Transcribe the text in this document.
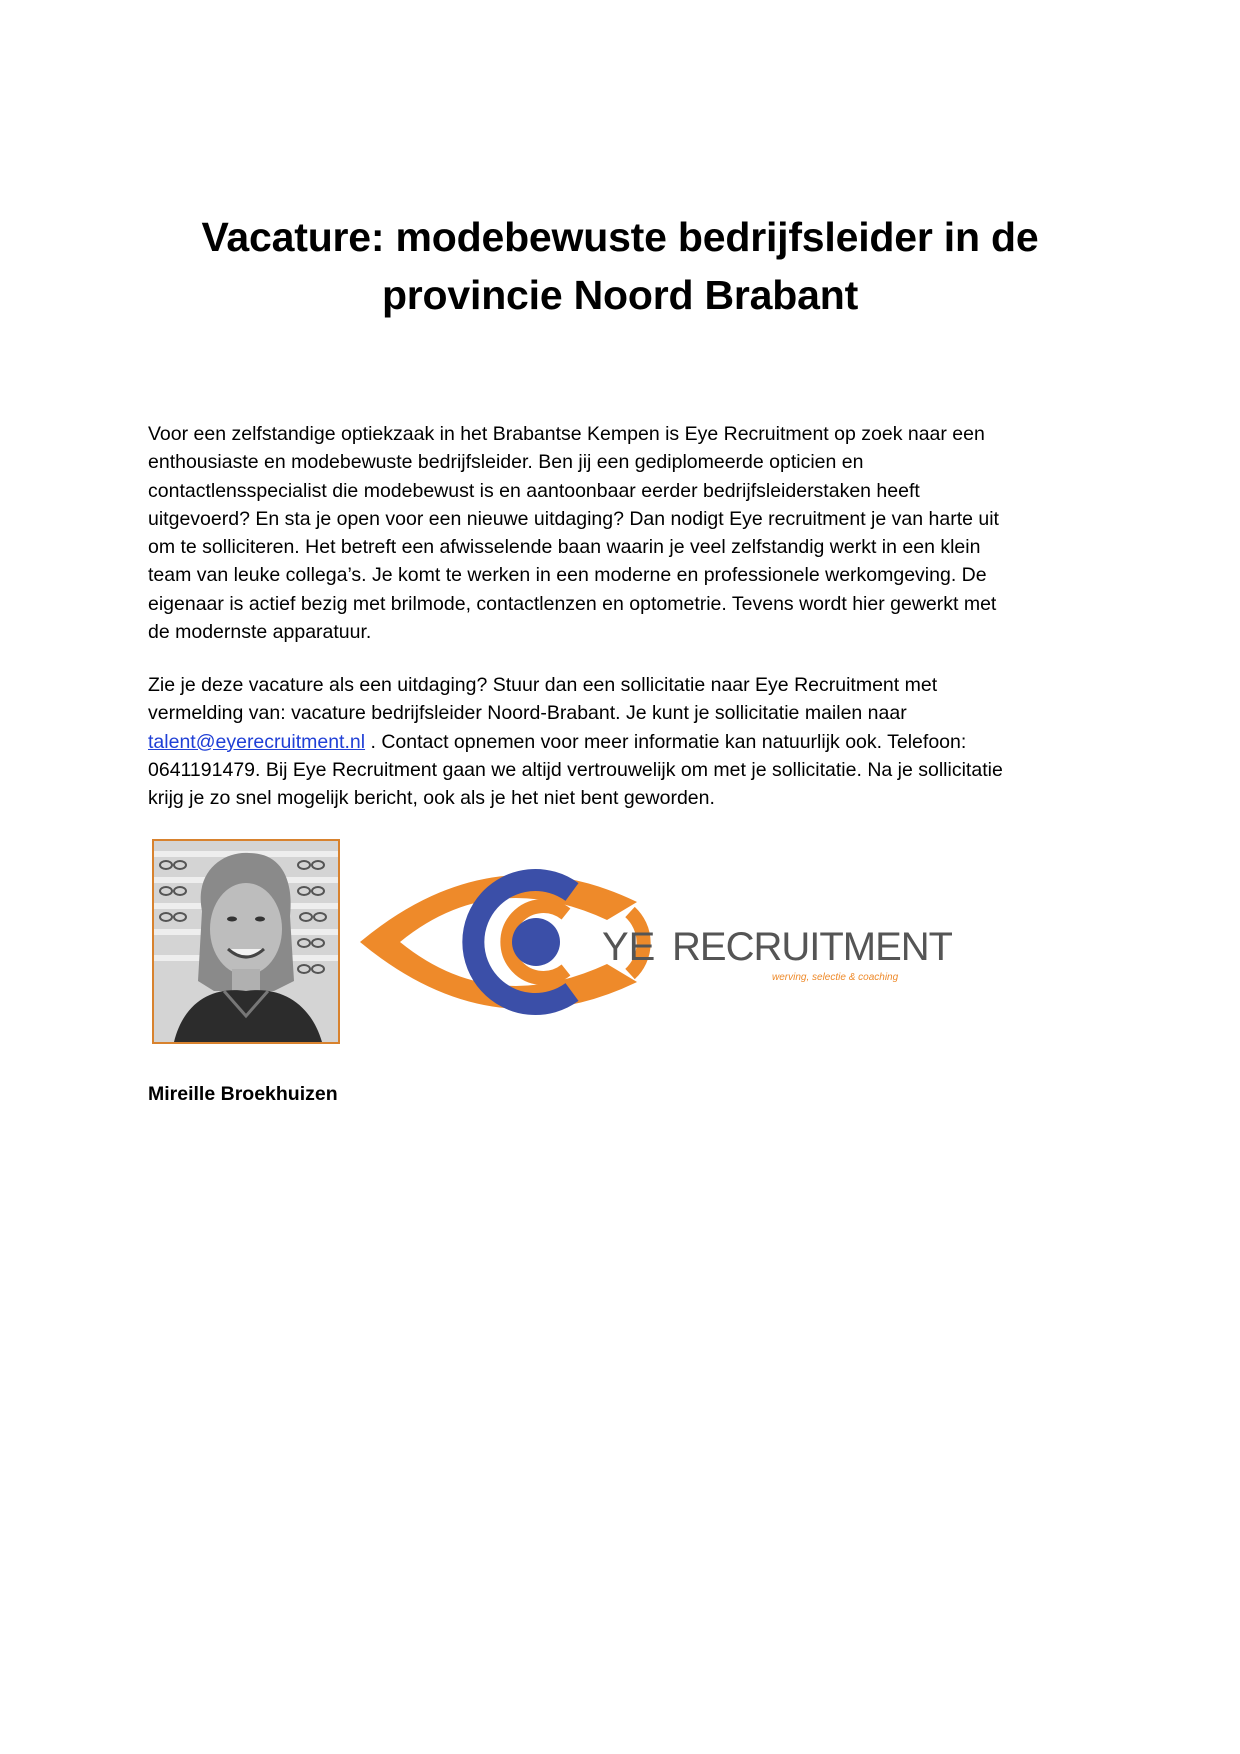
Vacature: modebewuste bedrijfsleider in de
provincie Noord Brabant

Voor een zelfstandige optiekzaak in het Brabantse Kempen is Eye Recruitment op zoek naar een
enthousiaste en modebewuste bedrijfsleider. Ben jij een gediplomeerde opticien en
contactlensspecialist die modebewust is en aantoonbaar eerder bedrijfsleiderstaken heeft
uitgevoerd? En sta je open voor een nieuwe uitdaging? Dan nodigt Eye recruitment je van harte uit
om te solliciteren. Het betreft een afwisselende baan waarin je veel zelfstandig werkt in een klein
team van leuke collega’s. Je komt te werken in een moderne en professionele werkomgeving. De
eigenaar is actief bezig met brilmode, contactlenzen en optometrie. Tevens wordt hier gewerkt met
de modernste apparatuur.

Zie je deze vacature als een uitdaging? Stuur dan een sollicitatie naar Eye Recruitment met
vermelding van: vacature bedrijfsleider Noord-Brabant. Je kunt je sollicitatie mailen naar
talent@eyerecruitment.nl . Contact opnemen voor meer informatie kan natuurlijk ook. Telefoon:
0641191479. Bij Eye Recruitment gaan we altijd vertrouwelijk om met je sollicitatie. Na je sollicitatie
krijg je zo snel mogelijk bericht, ook als je het niet bent geworden.

YE RECRUITMENT
werving, selectie & coaching

Mireille Broekhuizen
